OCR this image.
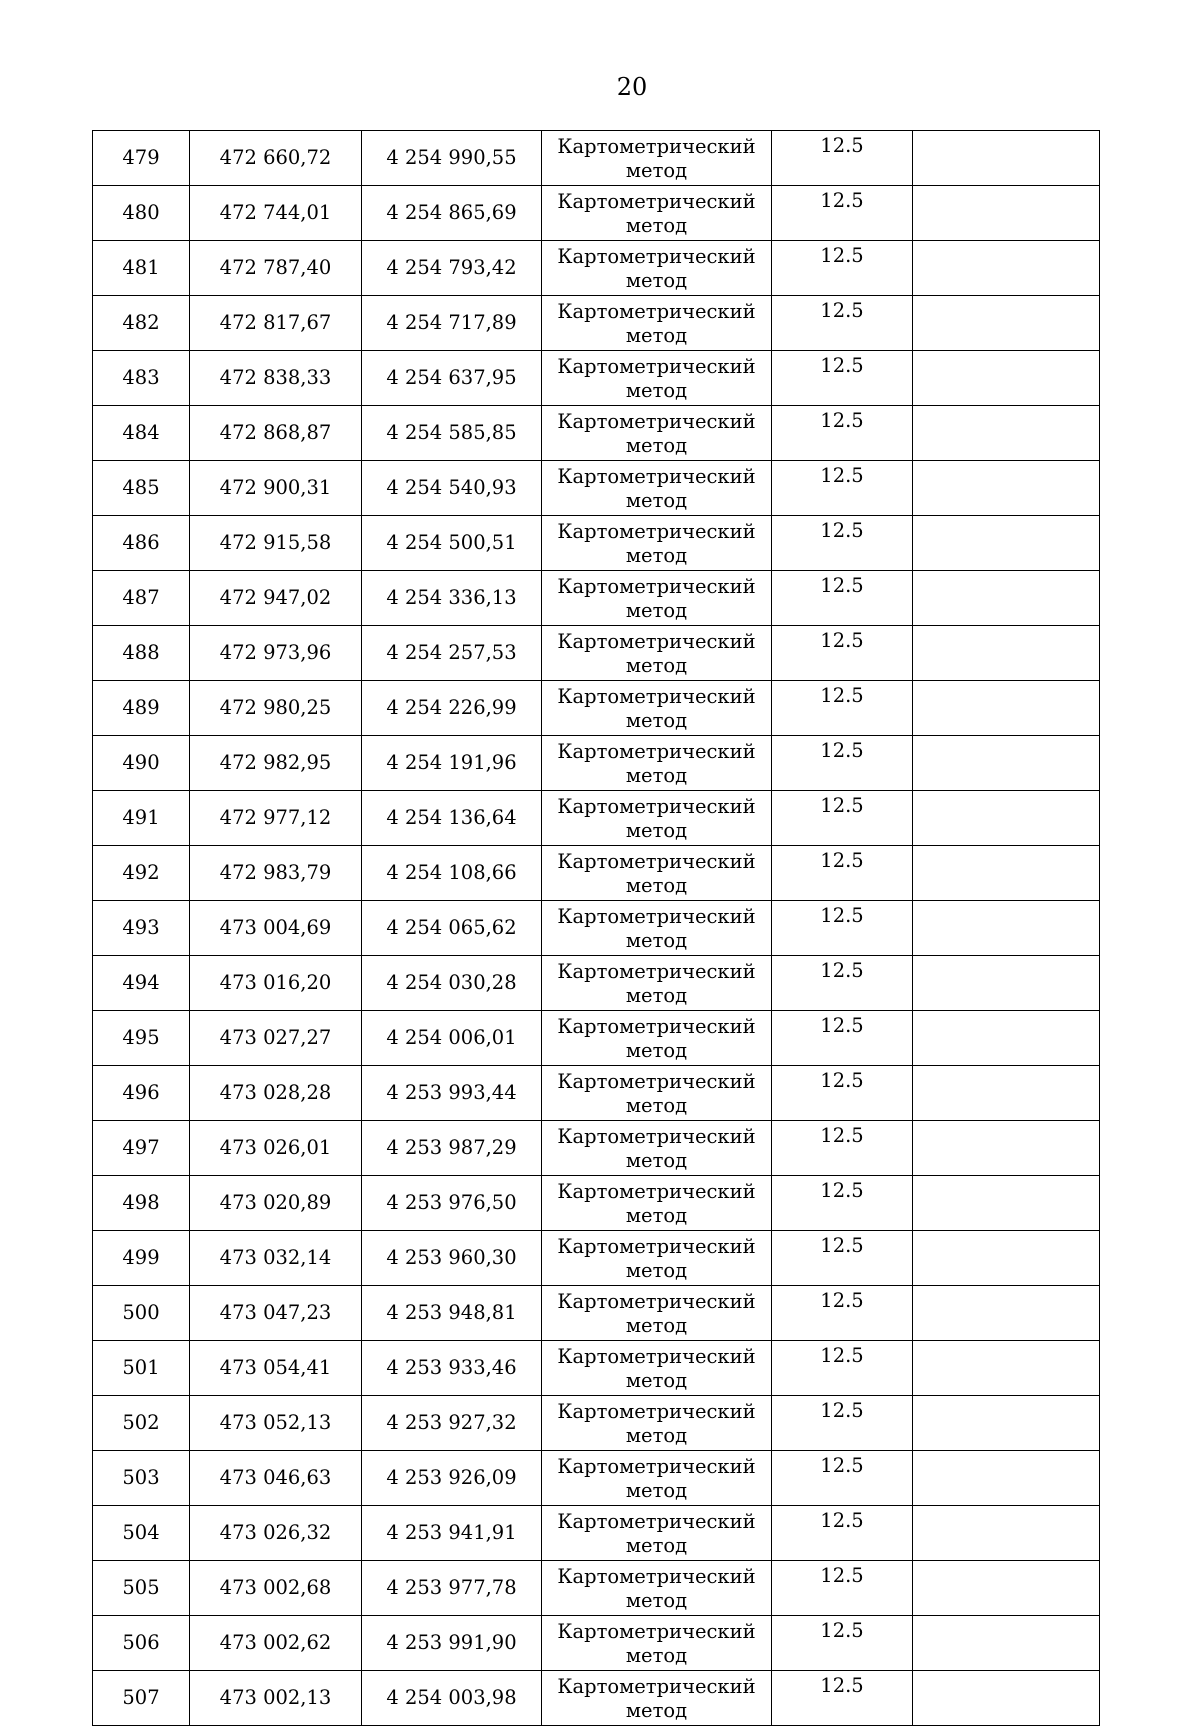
20
479	472 660,72	4 254 990,55	Картометрический
метод	12.5	
480	472 744,01	4 254 865,69	Картометрический
метод	12.5	
481	472 787,40	4 254 793,42	Картометрический
метод	12.5	
482	472 817,67	4 254 717,89	Картометрический
метод	12.5	
483	472 838,33	4 254 637,95	Картометрический
метод	12.5	
484	472 868,87	4 254 585,85	Картометрический
метод	12.5	
485	472 900,31	4 254 540,93	Картометрический
метод	12.5	
486	472 915,58	4 254 500,51	Картометрический
метод	12.5	
487	472 947,02	4 254 336,13	Картометрический
метод	12.5	
488	472 973,96	4 254 257,53	Картометрический
метод	12.5	
489	472 980,25	4 254 226,99	Картометрический
метод	12.5	
490	472 982,95	4 254 191,96	Картометрический
метод	12.5	
491	472 977,12	4 254 136,64	Картометрический
метод	12.5	
492	472 983,79	4 254 108,66	Картометрический
метод	12.5	
493	473 004,69	4 254 065,62	Картометрический
метод	12.5	
494	473 016,20	4 254 030,28	Картометрический
метод	12.5	
495	473 027,27	4 254 006,01	Картометрический
метод	12.5	
496	473 028,28	4 253 993,44	Картометрический
метод	12.5	
497	473 026,01	4 253 987,29	Картометрический
метод	12.5	
498	473 020,89	4 253 976,50	Картометрический
метод	12.5	
499	473 032,14	4 253 960,30	Картометрический
метод	12.5	
500	473 047,23	4 253 948,81	Картометрический
метод	12.5	
501	473 054,41	4 253 933,46	Картометрический
метод	12.5	
502	473 052,13	4 253 927,32	Картометрический
метод	12.5	
503	473 046,63	4 253 926,09	Картометрический
метод	12.5	
504	473 026,32	4 253 941,91	Картометрический
метод	12.5	
505	473 002,68	4 253 977,78	Картометрический
метод	12.5	
506	473 002,62	4 253 991,90	Картометрический
метод	12.5	
507	473 002,13	4 254 003,98	Картометрический
метод	12.5	
